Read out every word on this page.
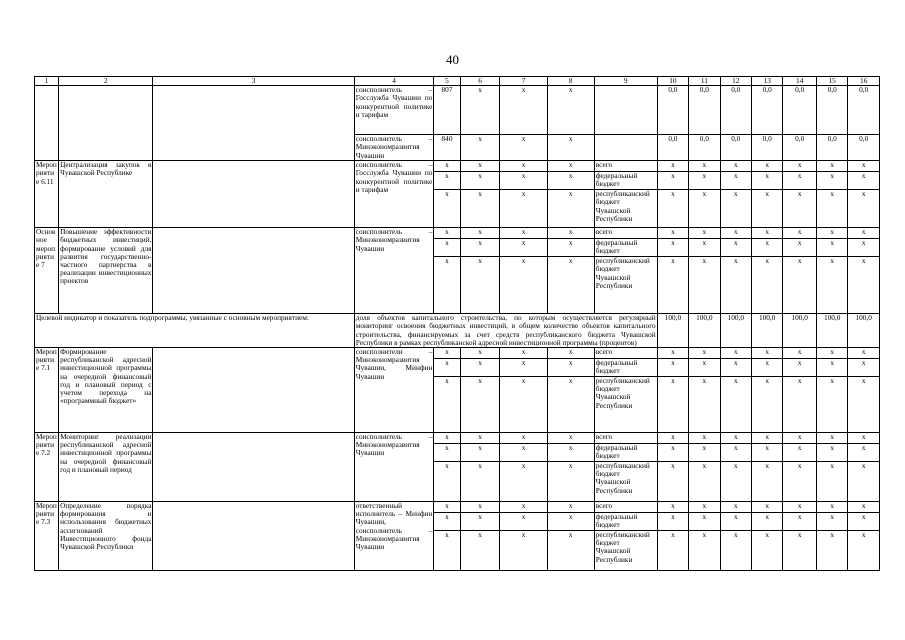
40
1	2	3	4	5	6	7	8	9	10	11	12	13	14	15	16
			соисполнитель – Госслужба Чувашии по конкурентной политике и тарифам	807	x	x	x		0,0	0,0	0,0	0,0	0,0	0,0	0,0
			соисполнитель – Минэкономразвития Чувашии	840	x	x	x		0,0	0,0	0,0	0,0	0,0	0,0	0,0
Мероприятие 6.11	Централизация закупок в Чувашской Республике		соисполнитель – Госслужба Чувашии по конкурентной политике и тарифам	x	x	x	x	всего	x	x	x	x	x	x	x
				x	x	x	x	федеральный бюджет	x	x	x	x	x	x	x
				x	x	x	x	республиканский бюджет Чувашской Республики	x	x	x	x	x	x	x
Основное мероприятие 7	Повышение эффективности бюджетных инвестиций, формирование условий для развития государственно-частного партнерства в реализации инвестиционных проектов		соисполнитель – Минэкономразвития Чувашии	x	x	x	x	всего	x	x	x	x	x	x	x
				x	x	x	x	федеральный бюджет	x	x	x	x	x	x	x
				x	x	x	x	республиканский бюджет Чувашской Республики	x	x	x	x	x	x	x
Целевой индикатор и показатель подпрограммы, увязанные с основным мероприятием:			доля объектов капитального строительства, по которым осуществляется регулярный мониторинг освоения бюджетных инвестиций, в общем количестве объектов капитального строительства, финансируемых за счет средств республиканского бюджета Чувашской Республики в рамках республиканской адресной инвестиционной программы (процентов)						100,0	100,0	100,0	100,0	100,0	100,0	100,0
Мероприятие 7.1	Формирование республиканской адресной инвестиционной программы на очередной финансовый год и плановый период с учетом перехода на «программный бюджет»		соисполнители – Минэкономразвития Чувашии, Минфин Чувашии	x	x	x	x	всего	x	x	x	x	x	x	x
				x	x	x	x	федеральный бюджет	x	x	x	x	x	x	x
				x	x	x	x	республиканский бюджет Чувашской Республики	x	x	x	x	x	x	x
Мероприятие 7.2	Мониторинг реализации республиканской адресной инвестиционной программы на очередной финансовый год и плановый период		соисполнитель – Минэкономразвития Чувашии	x	x	x	x	всего	x	x	x	x	x	x	x
				x	x	x	x	федеральный бюджет	x	x	x	x	x	x	x
				x	x	x	x	республиканский бюджет Чувашской Республики	x	x	x	x	x	x	x
Мероприятие 7.3	Определение порядка формирования и использования бюджетных ассигнований Инвестиционного фонда Чувашской Республики		ответственный исполнитель – Минфин Чувашии, соисполнитель – Минэкономразвития Чувашии	x	x	x	x	всего	x	x	x	x	x	x	x
				x	x	x	x	федеральный бюджет	x	x	x	x	x	x	x
				x	x	x	x	республиканский бюджет Чувашской Республики	x	x	x	x	x	x	x
